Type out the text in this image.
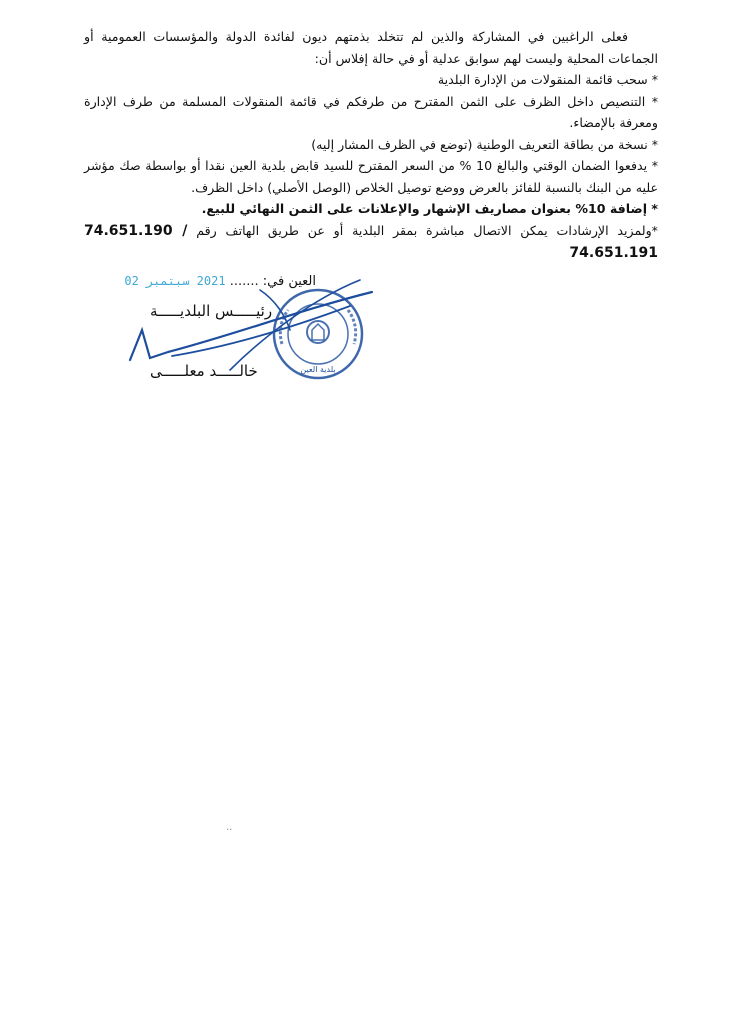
فعلى الراغبين في المشاركة والذين لم تتخلد بذمتهم ديون لفائدة الدولة والمؤسسات العمومية أو الجماعات المحلية وليست لهم سوابق عدلية أو في حالة إفلاس أن:

* سحب قائمة المنقولات من الإدارة البلدية

* التنصيص داخل الظرف على الثمن المقترح من طرفكم في قائمة المنقولات المسلمة من طرف الإدارة ومعرفة بالإمضاء.

* نسخة من بطاقة التعريف الوطنية (توضع في الظرف المشار إليه)

* يدفعوا الضمان الوقتي والبالغ 10 % من السعر المقترح للسيد قابض بلدية العين نقدا أو بواسطة صك مؤشر عليه من البنك بالنسبة للفائز بالعرض ووضع توصيل الخلاص (الوصل الأصلي) داخل الظرف.

* إضافة 10% بعنوان مصاريف الإشهار والإعلانات على الثمن النهائي للبيع.

*ولمزيد الإرشادات يمكن الاتصال مباشرة بمقر البلدية أو عن طريق الهاتف رقم 74.651.190 / 74.651.191

العين في: ....... 2021 سبتمبر 02
رئيـــــس البلديـــــة
خالـــــد معلـــــى	بلدية العين
..
